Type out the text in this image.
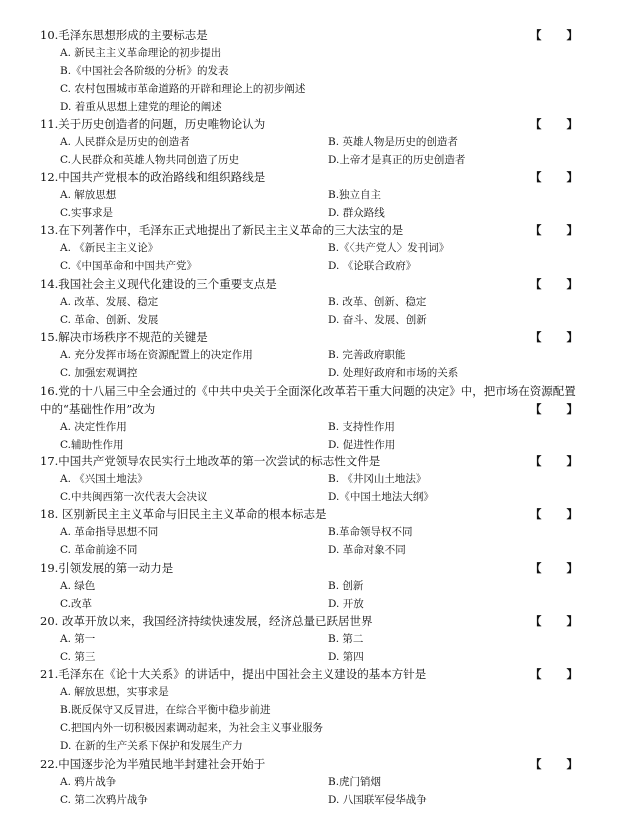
10.毛泽东思想形成的主要标志是	【 】
A. 新民主主义革命理论的初步提出
B.《中国社会各阶级的分析》的发表
C. 农村包围城市革命道路的开辟和理论上的初步阐述
D. 着重从思想上建党的理论的阐述
11.关于历史创造者的问题，历史唯物论认为	【 】
A. 人民群众是历史的创造者	B. 英雄人物是历史的创造者
C.人民群众和英雄人物共同创造了历史	D.上帝才是真正的历史创造者
12.中国共产党根本的政治路线和组织路线是	【 】
A. 解放思想	B.独立自主
C.实事求是	D. 群众路线
13.在下列著作中，毛泽东正式地提出了新民主主义革命的三大法宝的是	【 】
A. 《新民主主义论》	B.《〈共产党人〉发刊词》
C.《中国革命和中国共产党》	D. 《论联合政府》
14.我国社会主义现代化建设的三个重要支点是	【 】
A. 改革、发展、稳定	B. 改革、创新、稳定
C. 革命、创新、发展	D. 奋斗、发展、创新
15.解决市场秩序不规范的关键是	【 】
A. 充分发挥市场在资源配置上的决定作用	B. 完善政府职能
C. 加强宏观调控	D. 处理好政府和市场的关系
16.党的十八届三中全会通过的《中共中央关于全面深化改革若干重大问题的决定》中，把市场在资源配置中的“基础性作用”改为	【 】
A. 决定性作用	B. 支持性作用
C.辅助性作用	D. 促进性作用
17.中国共产党领导农民实行土地改革的第一次尝试的标志性文件是	【 】
A. 《兴国土地法》	B. 《井冈山土地法》
C.中共闽西第一次代表大会决议	D.《中国土地法大纲》
18. 区别新民主主义革命与旧民主主义革命的根本标志是	【 】
A. 革命指导思想不同	B.革命领导权不同
C. 革命前途不同	D. 革命对象不同
19.引领发展的第一动力是	【 】
A. 绿色	B. 创新
C.改革	D. 开放
20. 改革开放以来，我国经济持续快速发展，经济总量已跃居世界	【 】
A. 第一	B. 第二
C. 第三	D. 第四
21.毛泽东在《论十大关系》的讲话中，提出中国社会主义建设的基本方针是	【 】
A. 解放思想，实事求是
B.既反保守又反冒进，在综合平衡中稳步前进
C.把国内外一切积极因素调动起来，为社会主义事业服务
D. 在新的生产关系下保护和发展生产力
22.中国逐步沦为半殖民地半封建社会开始于	【 】
A. 鸦片战争	B.虎门销烟
C. 第二次鸦片战争	D. 八国联军侵华战争
